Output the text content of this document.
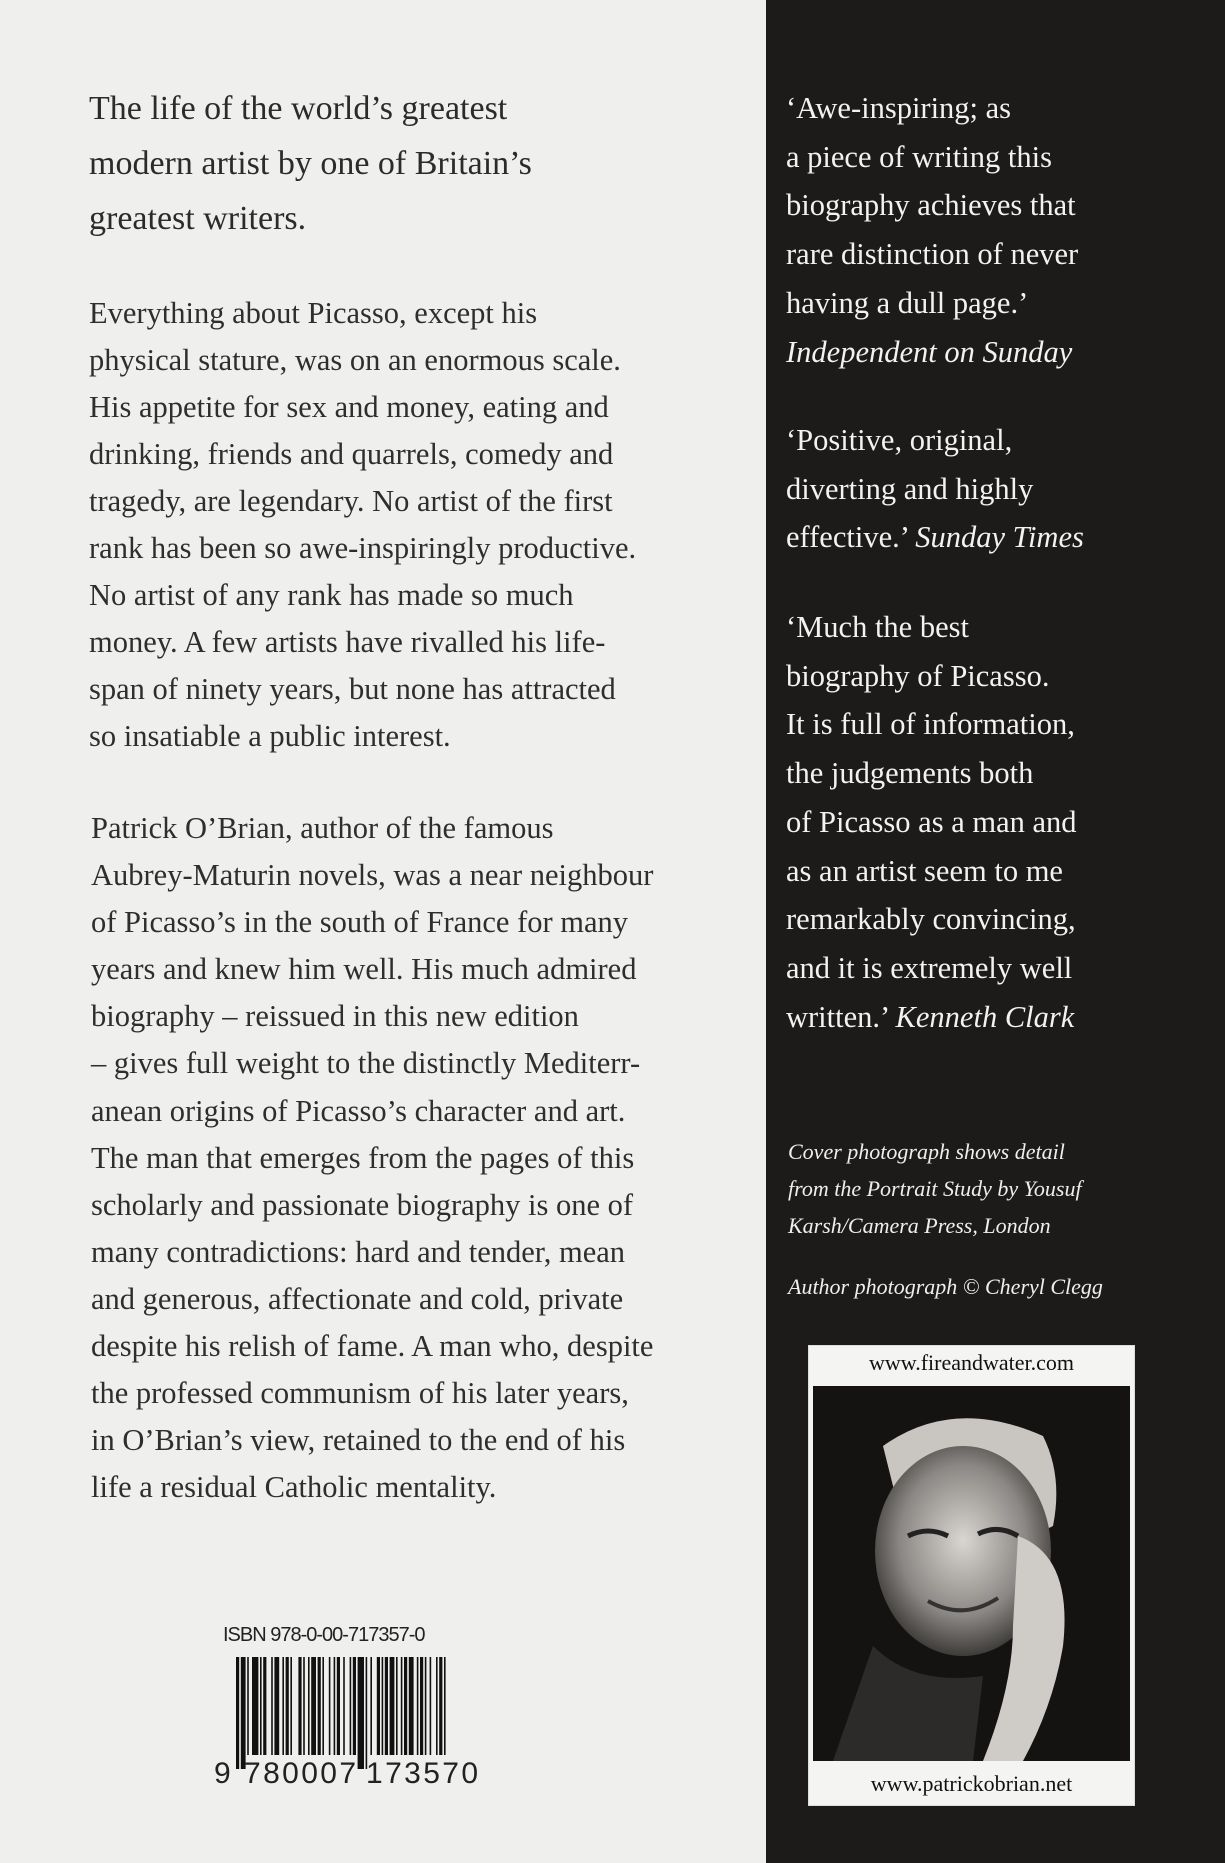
The life of the world’s greatest
modern artist by one of Britain’s
greatest writers.
Everything about Picasso, except his
physical stature, was on an enormous scale.
His appetite for sex and money, eating and
drinking, friends and quarrels, comedy and
tragedy, are legendary. No artist of the first
rank has been so awe-inspiringly productive.
No artist of any rank has made so much
money. A few artists have rivalled his life-
span of ninety years, but none has attracted
so insatiable a public interest.
Patrick O’Brian, author of the famous
Aubrey-Maturin novels, was a near neighbour
of Picasso’s in the south of France for many
years and knew him well. His much admired
biography – reissued in this new edition
– gives full weight to the distinctly Mediterr-
anean origins of Picasso’s character and art.
The man that emerges from the pages of this
scholarly and passionate biography is one of
many contradictions: hard and tender, mean
and generous, affectionate and cold, private
despite his relish of fame. A man who, despite
the professed communism of his later years,
in O’Brian’s view, retained to the end of his
life a residual Catholic mentality.
ISBN 978-0-00-717357-0
9 780007 173570
‘Awe-inspiring; as
a piece of writing this
biography achieves that
rare distinction of never
having a dull page.’
Independent on Sunday
‘Positive, original,
diverting and highly
effective.’ Sunday Times
‘Much the best
biography of Picasso.
It is full of information,
the judgements both
of Picasso as a man and
as an artist seem to me
remarkably convincing,
and it is extremely well
written.’ Kenneth Clark
Cover photograph shows detail
from the Portrait Study by Yousuf
Karsh/Camera Press, London
Author photograph © Cheryl Clegg
www.fireandwater.com
www.patrickobrian.net
